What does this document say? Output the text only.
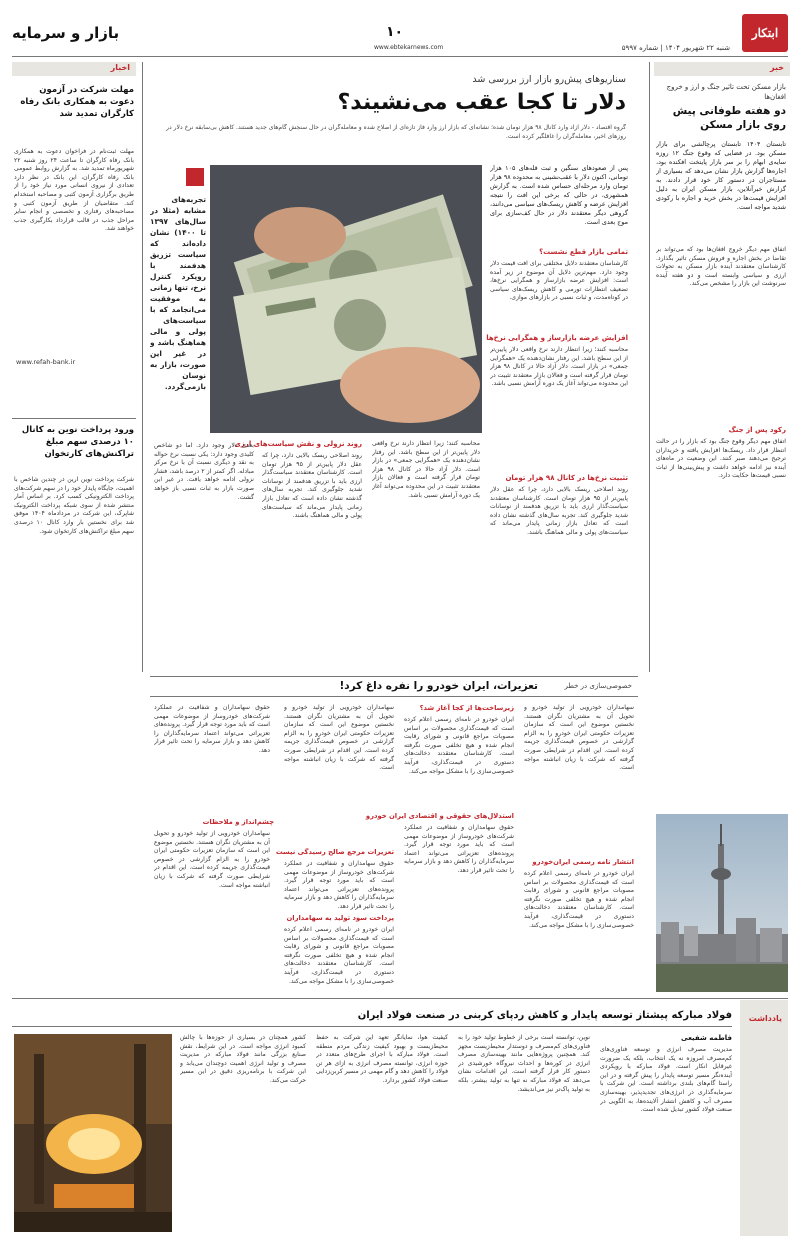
بازار و سرمایه	۱۰
www.ebtekarnews.com	شنبه ۲۲ شهریور ۱۴۰۴ | شماره ۵۹۹۷
ابتکار
خبر
بازار مسکن تحت تاثیر جنگ و ارز و خروج افغان‌ها
دو هفته طوفانی پیش روی بازار مسکن
تابستان ۱۴۰۴ تابستان پرچالشی برای بازار مسکن بود. در فضایی که وقوع جنگ ۱۲ روزه سایه‌ی ابهام را بر سر بازار پایتخت افکنده بود، اجاره‌ها گزارش بازار نشان می‌دهد که بسیاری از مستاجران در دستور کار خود قرار دادند. به گزارش خبرآنلاین، بازار مسکن ایران به دلیل افزایش قیمت‌ها در بخش خرید و اجاره با رکودی شدید مواجه است.
اتفاق مهم دیگر خروج افغان‌ها بود که می‌تواند بر تقاضا در بخش اجاره و فروش مسکن تاثیر بگذارد. کارشناسان معتقدند آینده بازار مسکن به تحولات ارزی و سیاسی وابسته است و دو هفته آینده سرنوشت این بازار را مشخص می‌کند.
رکود پس از جنگ
اتفاق مهم دیگر وقوع جنگ بود که بازار را در حالت انتظار قرار داد. ریسک‌ها افزایش یافته و خریداران ترجیح می‌دهند صبر کنند. این وضعیت در ماه‌های آینده نیز ادامه خواهد داشت و پیش‌بینی‌ها از ثبات نسبی قیمت‌ها حکایت دارد.
اخبار
مهلت شرکت در آزمون دعوت به همکاری بانک رفاه کارگران تمدید شد
مهلت ثبت‌نام در فراخوان دعوت به همکاری بانک رفاه کارگران تا ساعت ۲۴ روز شنبه ۲۲ شهریورماه تمدید شد. به گزارش روابط عمومی بانک رفاه کارگران، این بانک در نظر دارد تعدادی از نیروی انسانی مورد نیاز خود را از طریق برگزاری آزمون کتبی و مصاحبه استخدام کند. متقاضیان از طریق آزمون کتبی و مصاحبه‌های رفتاری و تخصصی و انجام سایر مراحل جذب در قالب قرارداد بکارگیری جذب خواهند شد.
www.refah-bank.ir
ورود پرداخت نوین به کانال ۱۰ درصدی سهم مبلغ تراکنش‌های کارتخوان
شرکت پرداخت نوین آرین در چندین شاخص با اهمیت، جایگاه پایدار خود را در سهم شرکت‌های پرداخت الکترونیکی کسب کرد. بر اساس آمار منتشر شده از سوی شبکه پرداخت الکترونیک شاپرک، این شرکت در مردادماه ۱۴۰۴ موفق شد برای نخستین بار وارد کانال ۱۰ درصدی سهم مبلغ تراکنش‌های کارتخوان شود.
سناریوهای پیش‌رو بازار ارز بررسی شد
دلار تا کجا عقب می‌نشیند؟
گروه اقتصاد - دلار آزاد وارد کانال ۹۸ هزار تومان شده؛ نشانه‌ای که بازار ارز وارد فاز تازه‌ای از اصلاح شده و معامله‌گران در حال سنجش گام‌های جدید هستند. کاهش بی‌سابقه نرخ دلار در روزهای اخیر، معامله‌گران را غافلگیر کرده است.
تجربه‌های مشابه (مثلا در سال‌های ۱۳۹۷ تا ۱۴۰۰) نشان داده‌اند که سیاست تزریق هدفمند با رویکرد کنترل نرخ، تنها زمانی به موفقیت می‌انجامد که با سیاست‌های پولی و مالی هماهنگ باشد و در غیر این صورت، بازار به نوسان بازمی‌گردد.
پس از صعودهای سنگین و ثبت قله‌های ۱۰۵ هزار تومانی، اکنون دلار با عقب‌نشینی به محدوده ۹۸ هزار تومان وارد مرحله‌ای حساس شده است. به گزارش همشهری، در حالی که برخی این افت را نتیجه افزایش عرضه و کاهش ریسک‌های سیاسی می‌دانند، گروهی دیگر معتقدند دلار در حال کف‌سازی برای موج بعدی است.
تمامی بازار قطع نشست؟
کارشناسان معتقدند دلایل مختلفی برای افت قیمت دلار وجود دارد. مهم‌ترین دلایل آن موضوع در زیر آمده است: افزایش عرضه بازارساز و همگرایی نرخ‌ها، تضعیف انتظارات تورمی و کاهش ریسک‌های سیاسی در کوتاه‌مدت، و ثبات نسبی در بازارهای موازی.
افزایش عرضه بازارساز و همگرایی نرخ‌ها
محاسبه کنند؛ زیرا انتظار دارند نرخ واقعی دلار پایین‌تر از این سطح باشد. این رفتار نشان‌دهنده یک «همگرایی جمعی» در بازار است. دلار آزاد حالا در کانال ۹۸ هزار تومان قرار گرفته است و فعالان بازار معتقدند تثبیت در این محدوده می‌تواند آغاز یک دوره آرامش نسبی باشد.
تثبیت نرخ‌ها در کانال ۹۸ هزار تومان
روند اصلاحی ریسک بالایی دارد، چرا که عقل دلار پایین‌تر از ۹۵ هزار تومان است. کارشناسان معتقدند سیاست‌گذار ارزی باید با تزریق هدفمند از نوسانات شدید جلوگیری کند. تجربه سال‌های گذشته نشان داده است که تعادل بازار زمانی پایدار می‌ماند که سیاست‌های پولی و مالی هماهنگ باشند.
محاسبه کنند؛ زیرا انتظار دارند نرخ واقعی دلار پایین‌تر از این سطح باشد. این رفتار نشان‌دهنده یک «همگرایی جمعی» در بازار است. دلار آزاد حالا در کانال ۹۸ هزار تومان قرار گرفته است و فعالان بازار معتقدند تثبیت در این محدوده می‌تواند آغاز یک دوره آرامش نسبی باشد.
روند نزولی و نقش سیاست‌های ارزی
روند اصلاحی ریسک بالایی دارد، چرا که عقل دلار پایین‌تر از ۹۵ هزار تومان است. کارشناسان معتقدند سیاست‌گذار ارزی باید با تزریق هدفمند از نوسانات شدید جلوگیری کند. تجربه سال‌های گذشته نشان داده است که تعادل بازار زمانی پایدار می‌ماند که سیاست‌های پولی و مالی هماهنگ باشند.
بعدی دلار وجود دارد. اما دو شاخص کلیدی وجود دارد: یکی نسبت نرخ حواله به نقد و دیگری نسبت آن با نرخ مرکز مبادله. اگر کمتر از ۲ درصد باشد، فشار نزولی ادامه خواهد یافت. در غیر این صورت بازار به ثبات نسبی باز خواهد گشت.
خصوصی‌سازی در خطر
تعزیرات، ایران خودرو را نفره داغ کرد!
سهامداران خودرویی از تولید خودرو و تحویل آن به مشتریان نگران هستند. نخستین موضوع این است که سازمان تعزیرات حکومتی ایران خودرو را به الزام گزارشی در خصوص قیمت‌گذاری جریمه کرده است. این اقدام در شرایطی صورت گرفته که شرکت با زیان انباشته مواجه است.
انتشار نامه رسمی ایران‌خودرو
ایران خودرو در نامه‌ای رسمی اعلام کرده است که قیمت‌گذاری محصولات بر اساس مصوبات مراجع قانونی و شورای رقابت انجام شده و هیچ تخلفی صورت نگرفته است. کارشناسان معتقدند دخالت‌های دستوری در قیمت‌گذاری، فرآیند خصوصی‌سازی را با مشکل مواجه می‌کند.
زیرساخت‌ها از کجا آغاز شد؟
ایران خودرو در نامه‌ای رسمی اعلام کرده است که قیمت‌گذاری محصولات بر اساس مصوبات مراجع قانونی و شورای رقابت انجام شده و هیچ تخلفی صورت نگرفته است. کارشناسان معتقدند دخالت‌های دستوری در قیمت‌گذاری، فرآیند خصوصی‌سازی را با مشکل مواجه می‌کند.
استدلال‌های حقوقی و اقتصادی ایران خودرو
حقوق سهامداران و شفافیت در عملکرد شرکت‌های خودروساز از موضوعات مهمی است که باید مورد توجه قرار گیرد. پرونده‌های تعزیراتی می‌تواند اعتماد سرمایه‌گذاران را کاهش دهد و بازار سرمایه را تحت تاثیر قرار دهد.
سهامداران خودرویی از تولید خودرو و تحویل آن به مشتریان نگران هستند. نخستین موضوع این است که سازمان تعزیرات حکومتی ایران خودرو را به الزام گزارشی در خصوص قیمت‌گذاری جریمه کرده است. این اقدام در شرایطی صورت گرفته که شرکت با زیان انباشته مواجه است.
تعزیرات مرجع صالح رسیدگی نیست
حقوق سهامداران و شفافیت در عملکرد شرکت‌های خودروساز از موضوعات مهمی است که باید مورد توجه قرار گیرد. پرونده‌های تعزیراتی می‌تواند اعتماد سرمایه‌گذاران را کاهش دهد و بازار سرمایه را تحت تاثیر قرار دهد.
پرداخت سود تولید به سهامداران
ایران خودرو در نامه‌ای رسمی اعلام کرده است که قیمت‌گذاری محصولات بر اساس مصوبات مراجع قانونی و شورای رقابت انجام شده و هیچ تخلفی صورت نگرفته است. کارشناسان معتقدند دخالت‌های دستوری در قیمت‌گذاری، فرآیند خصوصی‌سازی را با مشکل مواجه می‌کند.
حقوق سهامداران و شفافیت در عملکرد شرکت‌های خودروساز از موضوعات مهمی است که باید مورد توجه قرار گیرد. پرونده‌های تعزیراتی می‌تواند اعتماد سرمایه‌گذاران را کاهش دهد و بازار سرمایه را تحت تاثیر قرار دهد.
چشم‌انداز و ملاحظات
سهامداران خودرویی از تولید خودرو و تحویل آن به مشتریان نگران هستند. نخستین موضوع این است که سازمان تعزیرات حکومتی ایران خودرو را به الزام گزارشی در خصوص قیمت‌گذاری جریمه کرده است. این اقدام در شرایطی صورت گرفته که شرکت با زیان انباشته مواجه است.
یادداشت
فولاد مبارکه پیشتاز توسعه پایدار و کاهش ردپای کربنی در صنعت فولاد ایران
فاطمه شفیعی
مدیریت مصرف انرژی و توسعه فناوری‌های کم‌مصرف امروزه نه یک انتخاب، بلکه یک ضرورت غیرقابل انکار است. فولاد مبارکه با رویکردی آینده‌نگر مسیر توسعه پایدار را پیش گرفته و در این راستا گام‌های بلندی برداشته است. این شرکت با سرمایه‌گذاری در انرژی‌های تجدیدپذیر، بهینه‌سازی مصرف آب و کاهش انتشار آلاینده‌ها، به الگویی در صنعت فولاد کشور تبدیل شده است.
نوین، توانسته است برخی از خطوط تولید خود را به فناوری‌های کم‌مصرف و دوستدار محیط‌زیست مجهز کند. همچنین پروژه‌هایی مانند بهینه‌سازی مصرف انرژی در کوره‌ها و احداث نیروگاه خورشیدی در دستور کار قرار گرفته است. این اقدامات نشان می‌دهد که فولاد مبارکه نه تنها به تولید بیشتر، بلکه به تولید پاک‌تر نیز می‌اندیشد.
کیفیت هوا، نمایانگر تعهد این شرکت به حفظ محیط‌زیست و بهبود کیفیت زندگی مردم منطقه است. فولاد مبارکه با اجرای طرح‌های متعدد در حوزه انرژی، توانسته مصرف انرژی به ازای هر تن فولاد را کاهش دهد و گام مهمی در مسیر کربن‌زدایی صنعت فولاد کشور بردارد.
کشور همچنان در بسیاری از حوزه‌ها با چالش کمبود انرژی مواجه است. در این شرایط، نقش صنایع بزرگی مانند فولاد مبارکه در مدیریت مصرف و تولید انرژی اهمیت دوچندان می‌یابد و این شرکت با برنامه‌ریزی دقیق در این مسیر حرکت می‌کند.
